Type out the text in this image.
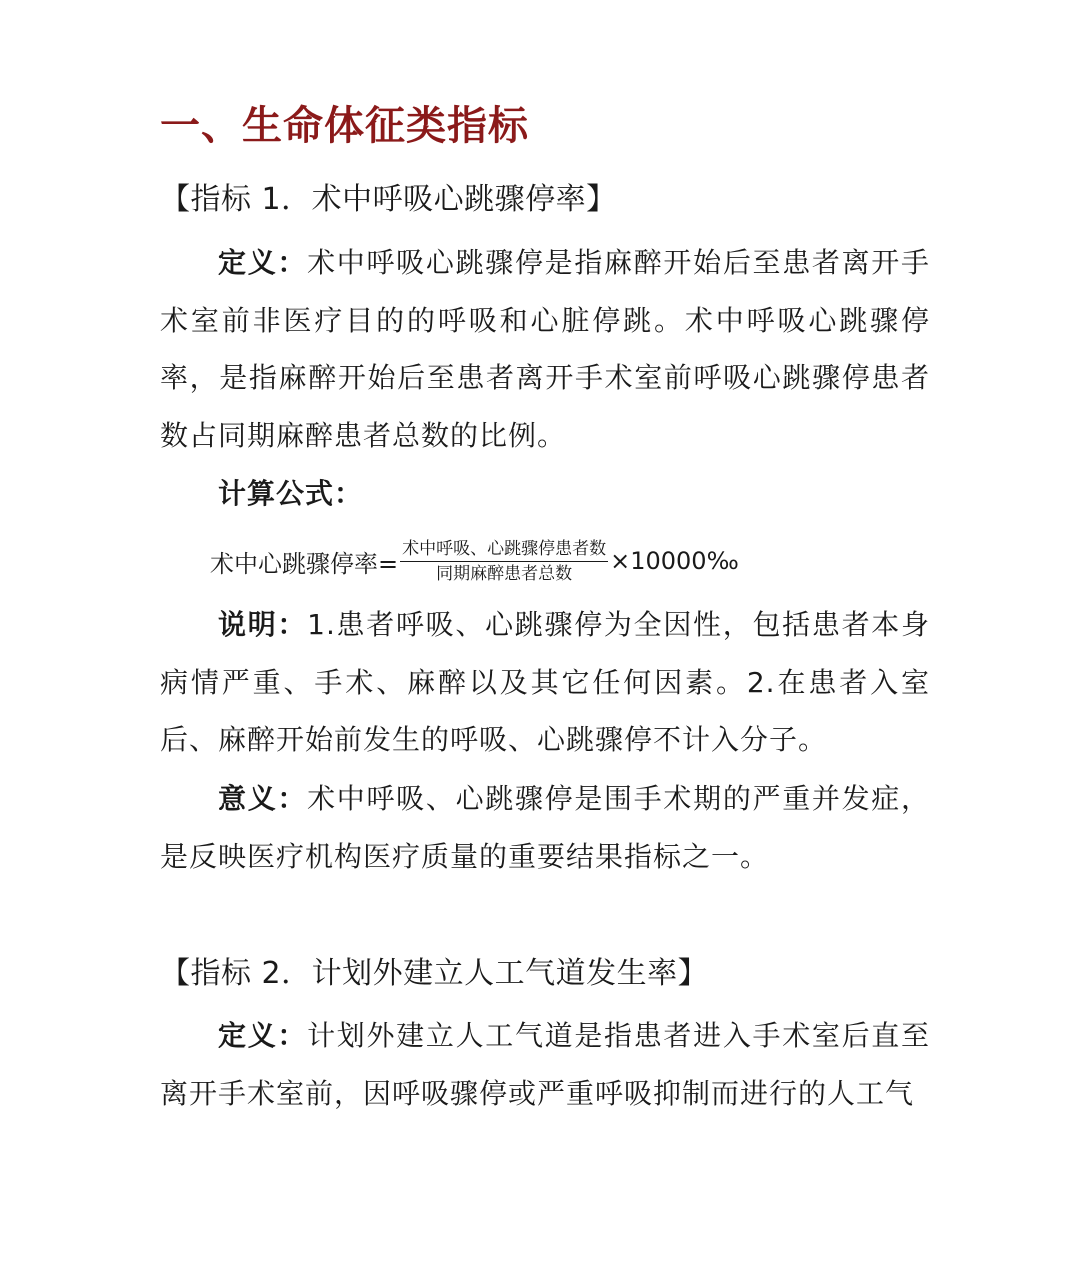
一、生命体征类指标
【指标 1．术中呼吸心跳骤停率】

定义：术中呼吸心跳骤停是指麻醉开始后至患者离开手术室前非医疗目的的呼吸和心脏停跳。术中呼吸心跳骤停率，是指麻醉开始后至患者离开手术室前呼吸心跳骤停患者数占同期麻醉患者总数的比例。

计算公式：

术中心跳骤停率= $\frac{\text{术中呼吸、心跳骤停患者数}}{\text{同期麻醉患者总数}}$ ×10000‰

说明：1.患者呼吸、心跳骤停为全因性，包括患者本身病情严重、手术、麻醉以及其它任何因素。2.在患者入室后、麻醉开始前发生的呼吸、心跳骤停不计入分子。

意义：术中呼吸、心跳骤停是围手术期的严重并发症，是反映医疗机构医疗质量的重要结果指标之一。

【指标 2．计划外建立人工气道发生率】

定义：计划外建立人工气道是指患者进入手术室后直至离开手术室前，因呼吸骤停或严重呼吸抑制而进行的人工气
